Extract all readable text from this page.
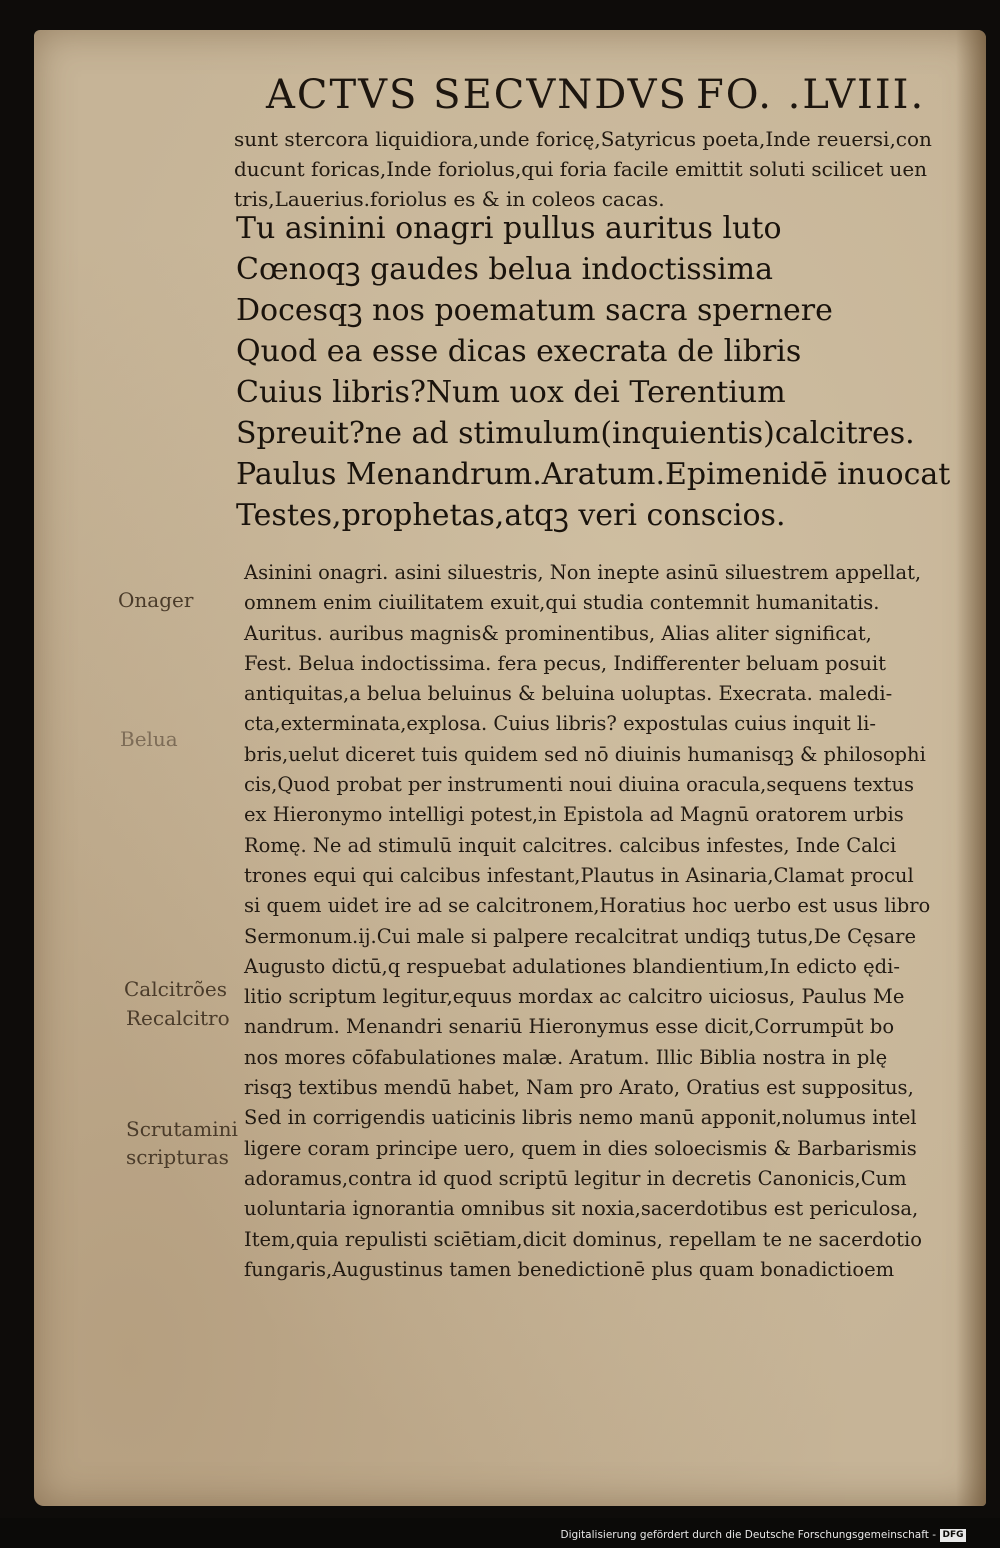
ACTVS SECVNDVS FO. .LVIII.

sunt stercora liquidiora,unde foricę,Satyricus poeta,Inde reuersi,con

ducunt foricas,Inde foriolus,qui foria facile emittit soluti scilicet uen

tris,Lauerius.foriolus es & in coleos cacas.

Tu asinini onagri pullus auritus luto

Cœnoqꝫ gaudes belua indoctissima

Docesqꝫ nos poematum sacra spernere

Quod ea esse dicas execrata de libris

Cuius libris?Num uox dei Terentium

Spreuit?ne ad stimulum(inquientis)calcitres.

Paulus Menandrum.Aratum.Epimenidē inuocat

Testes,prophetas,atqꝫ veri conscios.

Asinini onagri. asini siluestris, Non inepte asinū siluestrem appellat,

omnem enim ciuilitatem exuit,qui studia contemnit humanitatis.

Auritus. auribus magnis& prominentibus, Alias aliter significat,

Fest. Belua indoctissima. fera pecus, Indifferenter beluam posuit

antiquitas,a belua beluinus & beluina uoluptas. Execrata. maledi-

cta,exterminata,explosa. Cuius libris? expostulas cuius inquit li-

bris,uelut diceret tuis quidem sed nō diuinis humanisqꝫ & philosophi

cis,Quod probat per instrumenti noui diuina oracula,sequens textus

ex Hieronymo intelligi potest,in Epistola ad Magnū oratorem urbis

Romę. Ne ad stimulū inquit calcitres. calcibus infestes, Inde Calci

trones equi qui calcibus infestant,Plautus in Asinaria,Clamat procul

si quem uidet ire ad se calcitronem,Horatius hoc uerbo est usus libro

Sermonum.ij.Cui male si palpere recalcitrat undiqꝫ tutus,De Cęsare

Augusto dictū,q respuebat adulationes blandientium,In edicto ędi-

litio scriptum legitur,equus mordax ac calcitro uiciosus, Paulus Me

nandrum. Menandri senariū Hieronymus esse dicit,Corrumpūt bo

nos mores cōfabulationes malæ. Aratum. Illic Biblia nostra in plę

risqꝫ textibus mendū habet, Nam pro Arato, Oratius est suppositus,

Sed in corrigendis uaticinis libris nemo manū apponit,nolumus intel

ligere coram principe uero, quem in dies soloecismis & Barbarismis

adoramus,contra id quod scriptū legitur in decretis Canonicis,Cum

uoluntaria ignorantia omnibus sit noxia,sacerdotibus est periculosa,

Item,quia repulisti sciētiam,dicit dominus, repellam te ne sacerdotio

fungaris,Augustinus tamen benedictionē plus quam bonadictioem

Onager
Belua
Calcitrões
Recalcitro
Scrutamini
scripturas
Digitalisierung gefördert durch die Deutsche Forschungsgemeinschaft - DFG
